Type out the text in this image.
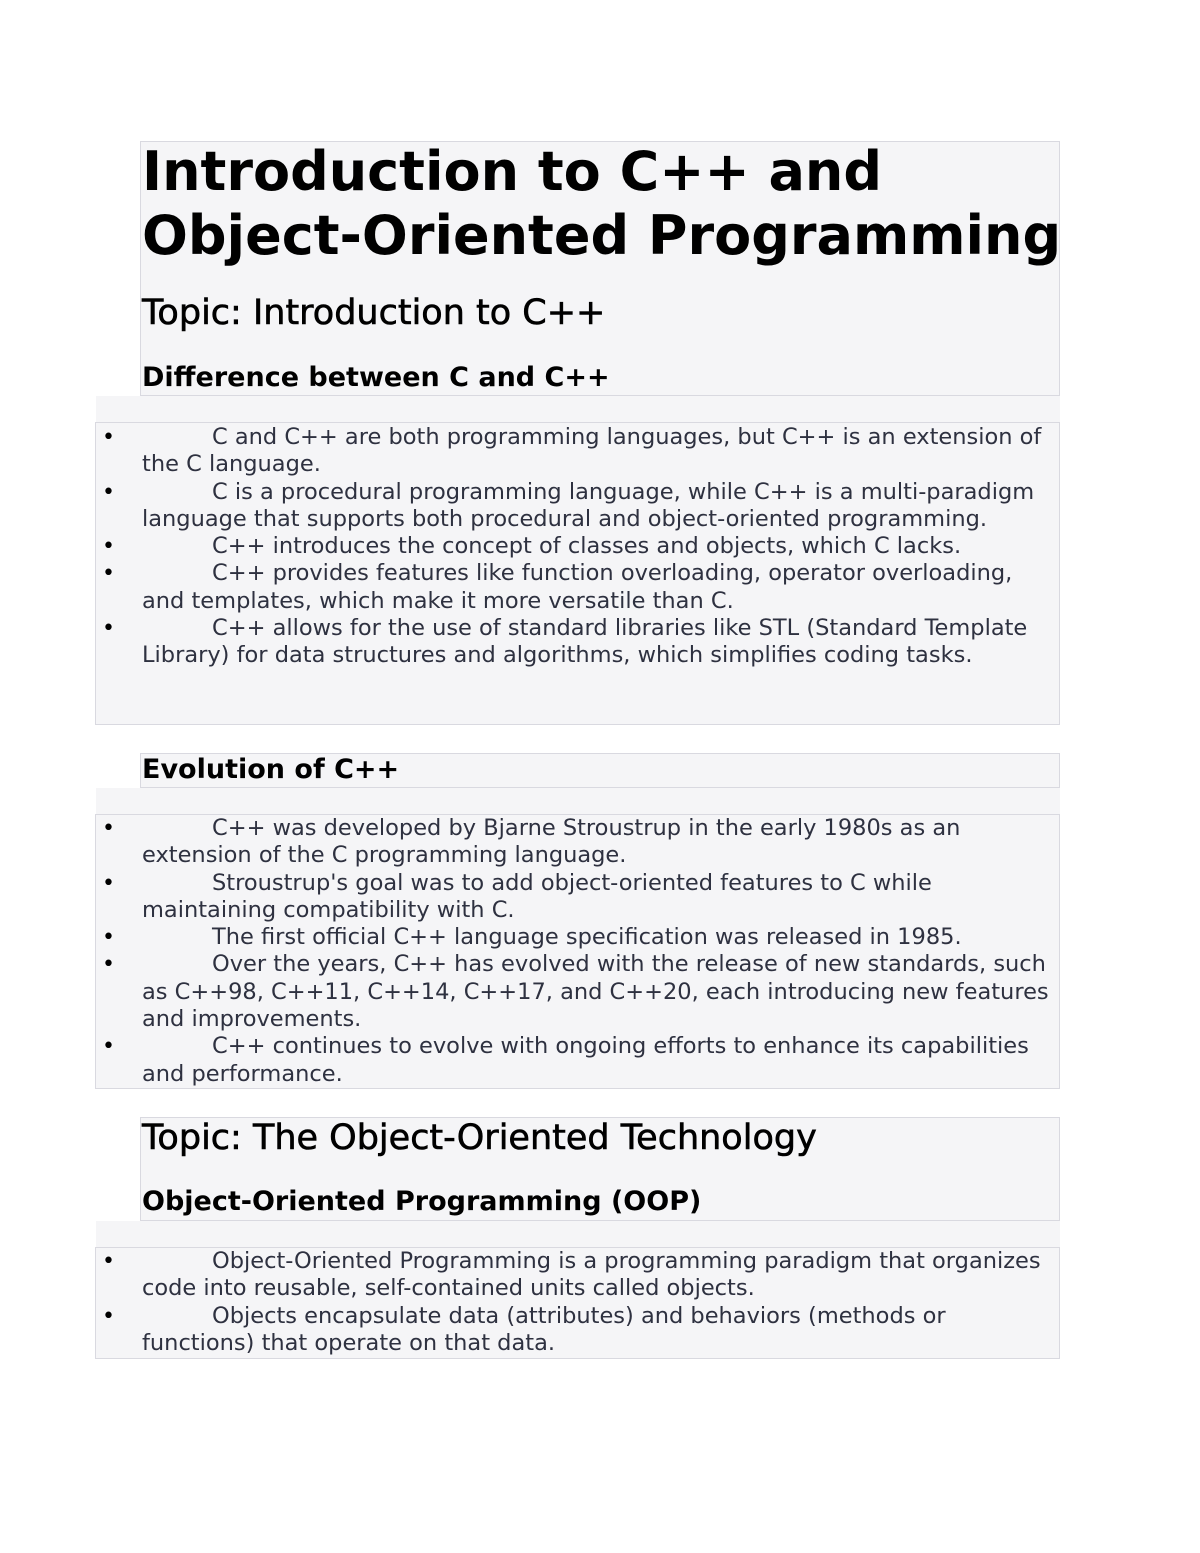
Introduction to C++ and
Object-Oriented Programming
Topic: Introduction to C++
Difference between C and C++
•	C and C++ are both programming languages, but C++ is an extension of the C language.
•	C is a procedural programming language, while C++ is a multi-paradigm language that supports both procedural and object-oriented programming.
•	C++ introduces the concept of classes and objects, which C lacks.
•	C++ provides features like function overloading, operator overloading, and templates, which make it more versatile than C.
•	C++ allows for the use of standard libraries like STL (Standard Template Library) for data structures and algorithms, which simplifies coding tasks.
Evolution of C++
•	C++ was developed by Bjarne Stroustrup in the early 1980s as an extension of the C programming language.
•	Stroustrup's goal was to add object-oriented features to C while maintaining compatibility with C.
•	The first official C++ language specification was released in 1985.
•	Over the years, C++ has evolved with the release of new standards, such as C++98, C++11, C++14, C++17, and C++20, each introducing new features and improvements.
•	C++ continues to evolve with ongoing efforts to enhance its capabilities and performance.
Topic: The Object-Oriented Technology
Object-Oriented Programming (OOP)
•	Object-Oriented Programming is a programming paradigm that organizes code into reusable, self-contained units called objects.
•	Objects encapsulate data (attributes) and behaviors (methods or functions) that operate on that data.
